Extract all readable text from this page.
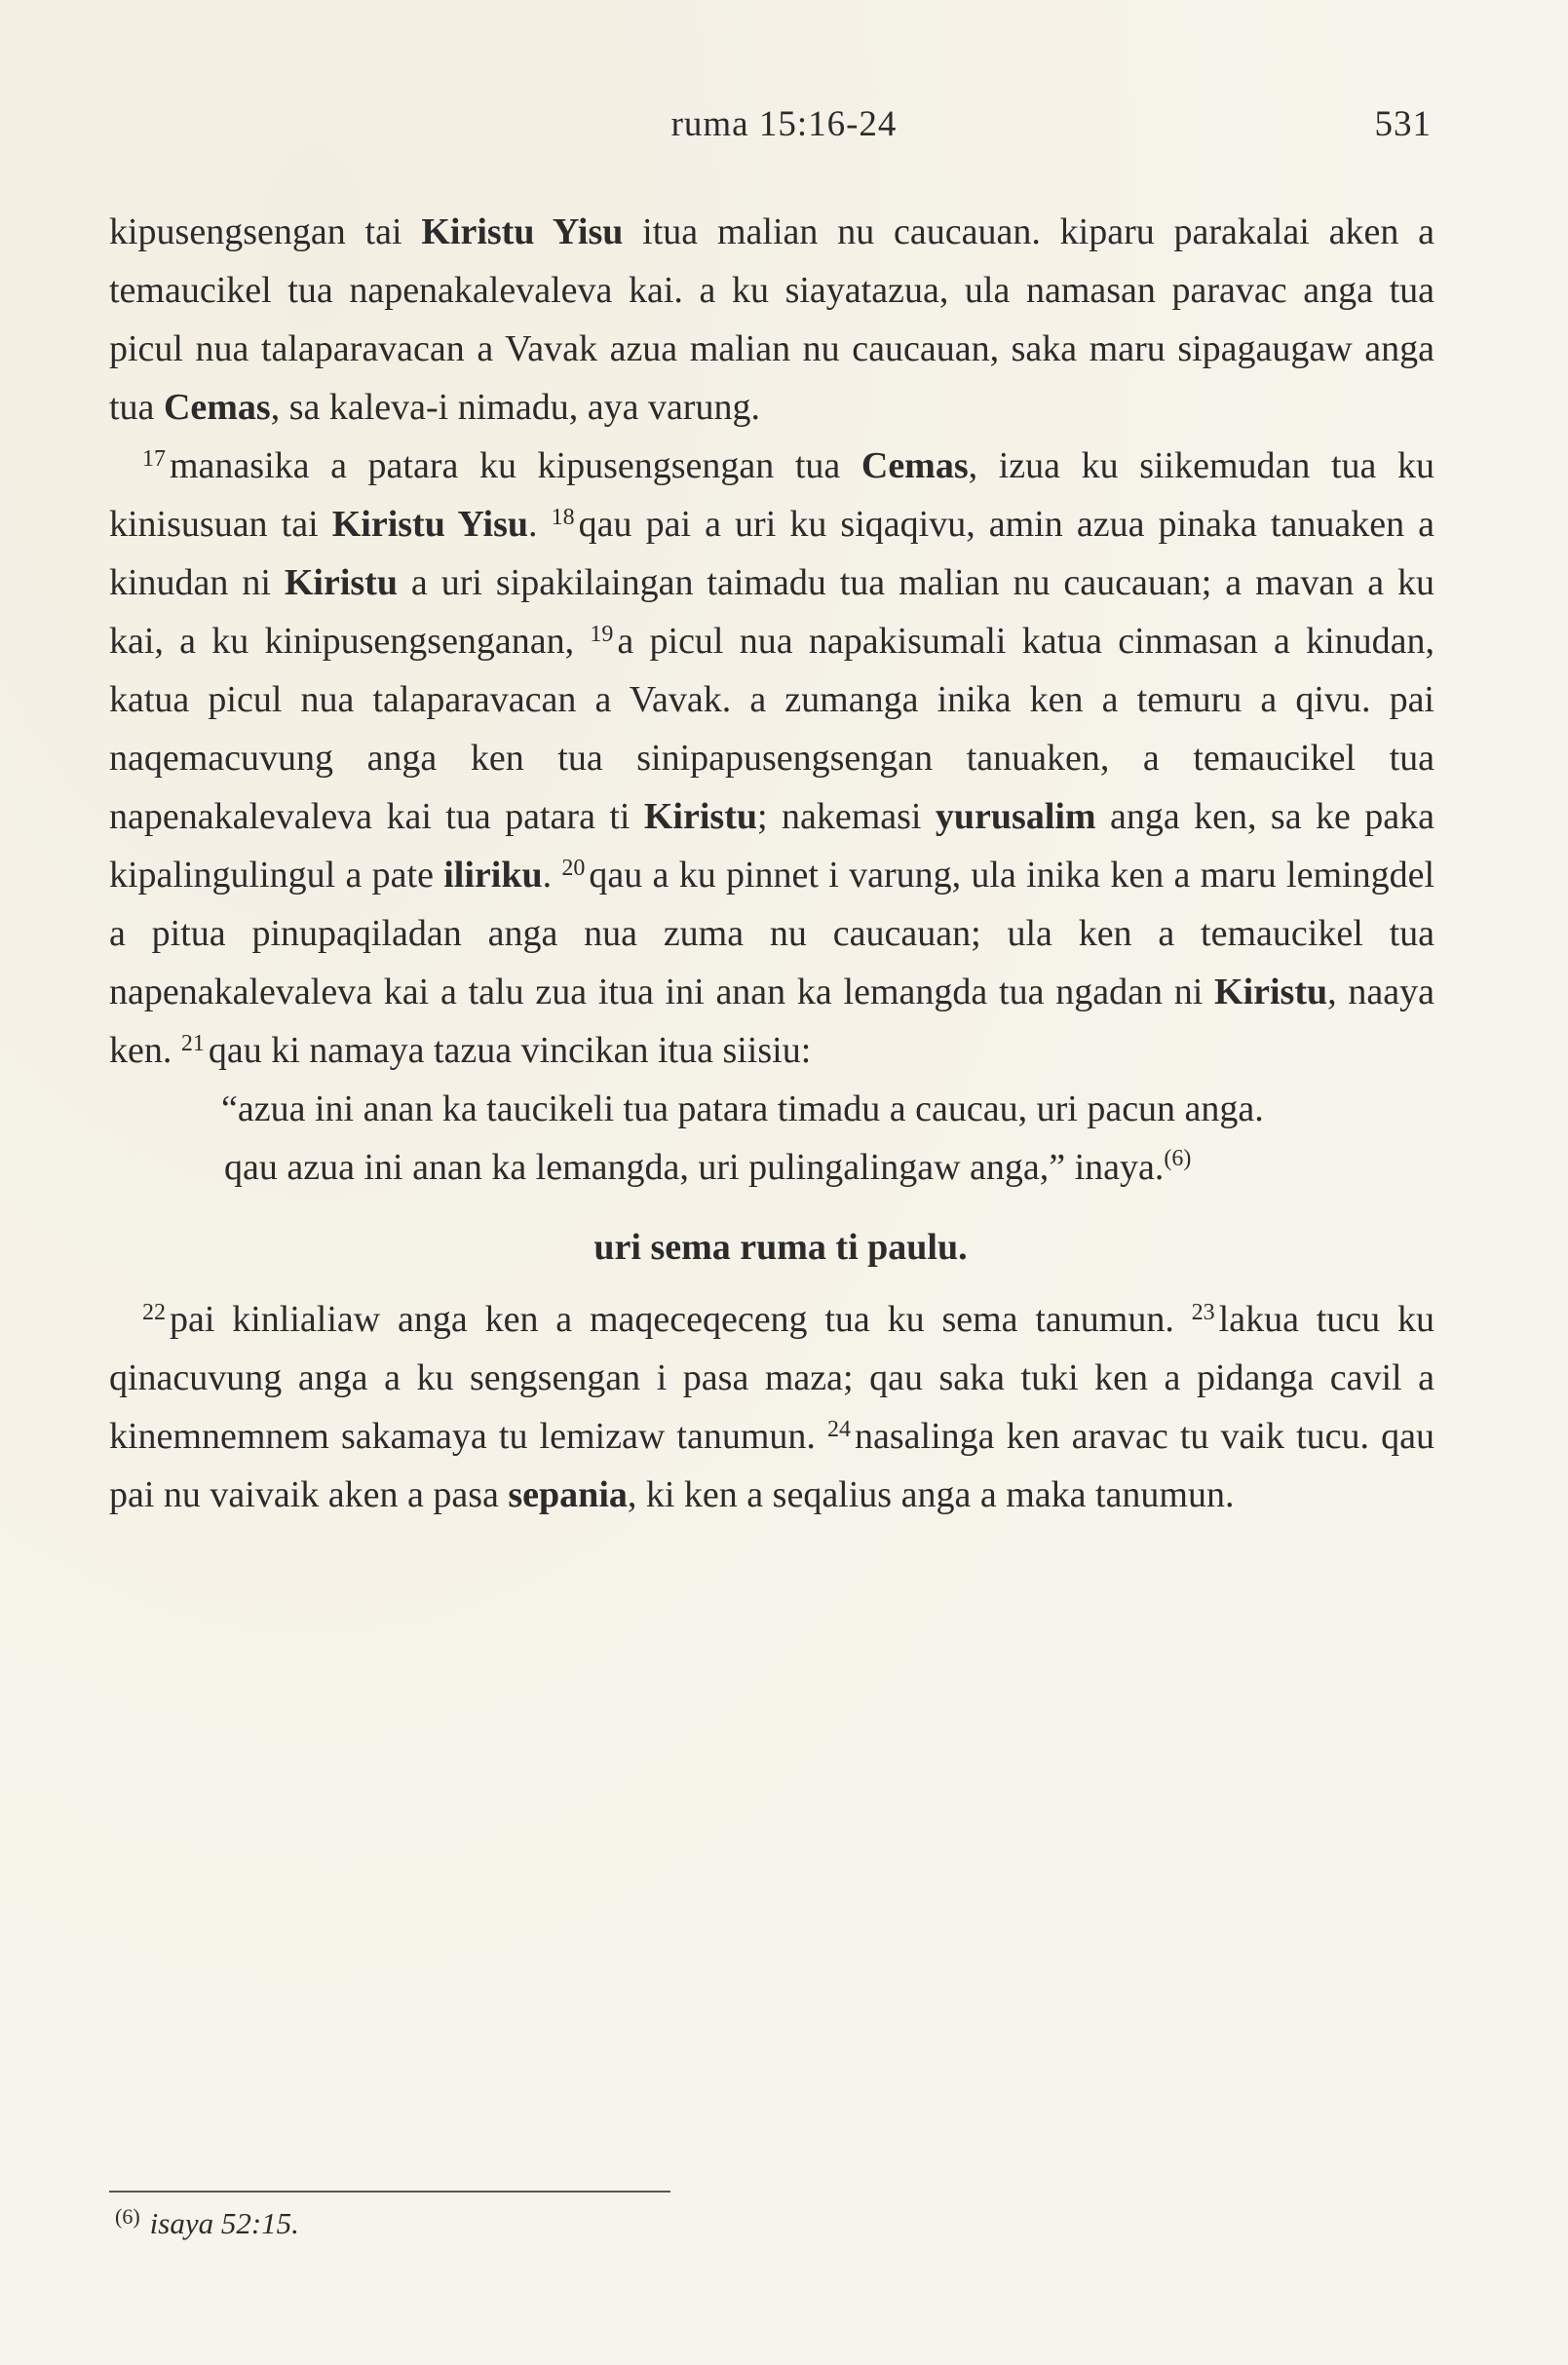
ruma 15:16-24	531

kipusengsengan tai Kiristu Yisu itua malian nu caucauan. kiparu parakalai aken a temaucikel tua napenakalevaleva kai. a ku siayatazua, ula namasan paravac anga tua picul nua talaparavacan a Vavak azua malian nu caucauan, saka maru sipagaugaw anga tua Cemas, sa kaleva-i nimadu, aya varung.

$^{17}$ manasika a patara ku kipusengsengan tua Cemas, izua ku siikemudan tua ku kinisusuan tai Kiristu Yisu. $^{18}$ qau pai a uri ku siqaqivu, amin azua pinaka tanuaken a kinudan ni Kiristu a uri sipakilaingan taimadu tua malian nu caucauan; a mavan a ku kai, a ku kinipusengsenganan, $^{19}$ a picul nua napakisumali katua cinmasan a kinudan, katua picul nua talaparavacan a Vavak. a zumanga inika ken a temuru a qivu. pai naqemacuvung anga ken tua sinipapusengsengan tanuaken, a temaucikel tua napenakalevaleva kai tua patara ti Kiristu; nakemasi yurusalim anga ken, sa ke paka kipalingulingul a pate iliriku. $^{20}$ qau a ku pinnet i varung, ula inika ken a maru lemingdel a pitua pinupaqiladan anga nua zuma nu caucauan; ula ken a temaucikel tua napenakalevaleva kai a talu zua itua ini anan ka lemangda tua ngadan ni Kiristu, naaya ken. $^{21}$ qau ki namaya tazua vincikan itua siisiu:

“azua ini anan ka taucikeli tua patara timadu a caucau, uri pacun anga.

qau azua ini anan ka lemangda, uri pulingalingaw anga,” inaya.$^{(6)}$

uri sema ruma ti paulu.

$^{22}$ pai kinlialiaw anga ken a maqeceqeceng tua ku sema tanumun. $^{23}$ lakua tucu ku qinacuvung anga a ku sengsengan i pasa maza; qau saka tuki ken a pidanga cavil a kinemnemnem sakamaya tu lemizaw tanumun. $^{24}$ nasalinga ken aravac tu vaik tucu. qau pai nu vaivaik aken a pasa sepania, ki ken a seqalius anga a maka tanumun.

$^{(6)}$ isaya 52:15.
